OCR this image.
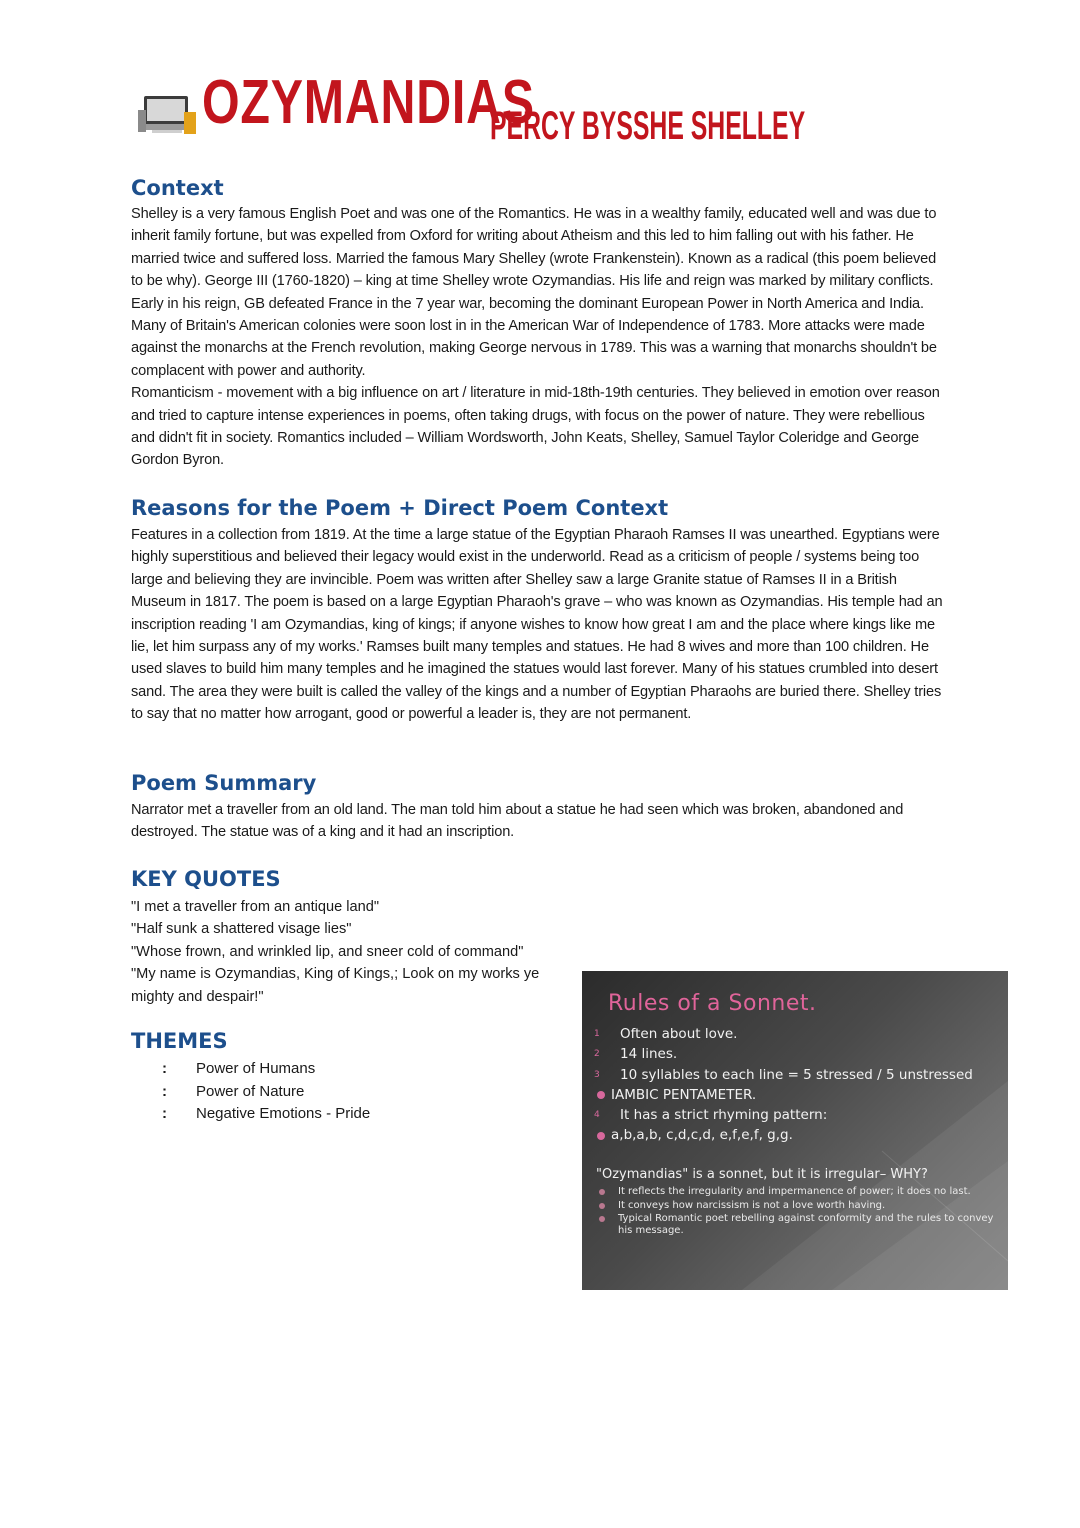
OZYMANDIAS
PERCY BYSSHE SHELLEY
Context

Shelley is a very famous English Poet and was one of the Romantics. He was in a wealthy family, educated well and was due to inherit family fortune, but was expelled from Oxford for writing about Atheism and this led to him falling out with his father. He married twice and suffered loss. Married the famous Mary Shelley (wrote Frankenstein). Known as a radical (this poem believed to be why). George III (1760-1820) – king at time Shelley wrote Ozymandias. His life and reign was marked by military conflicts. Early in his reign, GB defeated France in the 7 year war, becoming the dominant European Power in North America and India. Many of Britain's American colonies were soon lost in in the American War of Independence of 1783. More attacks were made against the monarchs at the French revolution, making George nervous in 1789. This was a warning that monarchs shouldn't be complacent with power and authority.

Romanticism - movement with a big influence on art / literature in mid-18th-19th centuries. They believed in emotion over reason and tried to capture intense experiences in poems, often taking drugs, with focus on the power of nature. They were rebellious and didn't fit in society. Romantics included – William Wordsworth, John Keats, Shelley, Samuel Taylor Coleridge and George Gordon Byron.

Reasons for the Poem + Direct Poem Context
Features in a collection from 1819. At the time a large statue of the Egyptian Pharaoh Ramses II was unearthed. Egyptians were highly superstitious and believed their legacy would exist in the underworld. Read as a criticism of people / systems being too large and believing they are invincible. Poem was written after Shelley saw a large Granite statue of Ramses II in a British Museum in 1817. The poem is based on a large Egyptian Pharaoh's grave – who was known as Ozymandias. His temple had an inscription reading 'I am Ozymandias, king of kings; if anyone wishes to know how great I am and the place where kings like me lie, let him surpass any of my works.' Ramses built many temples and statues. He had 8 wives and more than 100 children. He used slaves to build him many temples and he imagined the statues would last forever. Many of his statues crumbled into desert sand. The area they were built is called the valley of the kings and a number of Egyptian Pharaohs are buried there. Shelley tries to say that no matter how arrogant, good or powerful a leader is, they are not permanent.
Poem Summary
Narrator met a traveller from an old land. The man told him about a statue he had seen which was broken, abandoned and destroyed. The statue was of a king and it had an inscription.
KEY QUOTES
"I met a traveller from an antique land"
"Half sunk a shattered visage lies"
"Whose frown, and wrinkled lip, and sneer cold of command"
"My name is Ozymandias, King of Kings,; Look on my works ye mighty and despair!"
THEMES
:	Power of Humans
:	Power of Nature
:	Negative Emotions - Pride
Rules of a Sonnet.
1	Often about love.
2	14 lines.
3	10 syllables to each line = 5 stressed / 5 unstressed
IAMBIC PENTAMETER.
4	It has a strict rhyming pattern:
a,b,a,b, c,d,c,d, e,f,e,f, g,g.
"Ozymandias" is a sonnet, but it is irregular– WHY?
It reflects the irregularity and impermanence of power; it does no last.
It conveys how narcissism is not a love worth having.
Typical Romantic poet rebelling against conformity and the rules to convey his message.
